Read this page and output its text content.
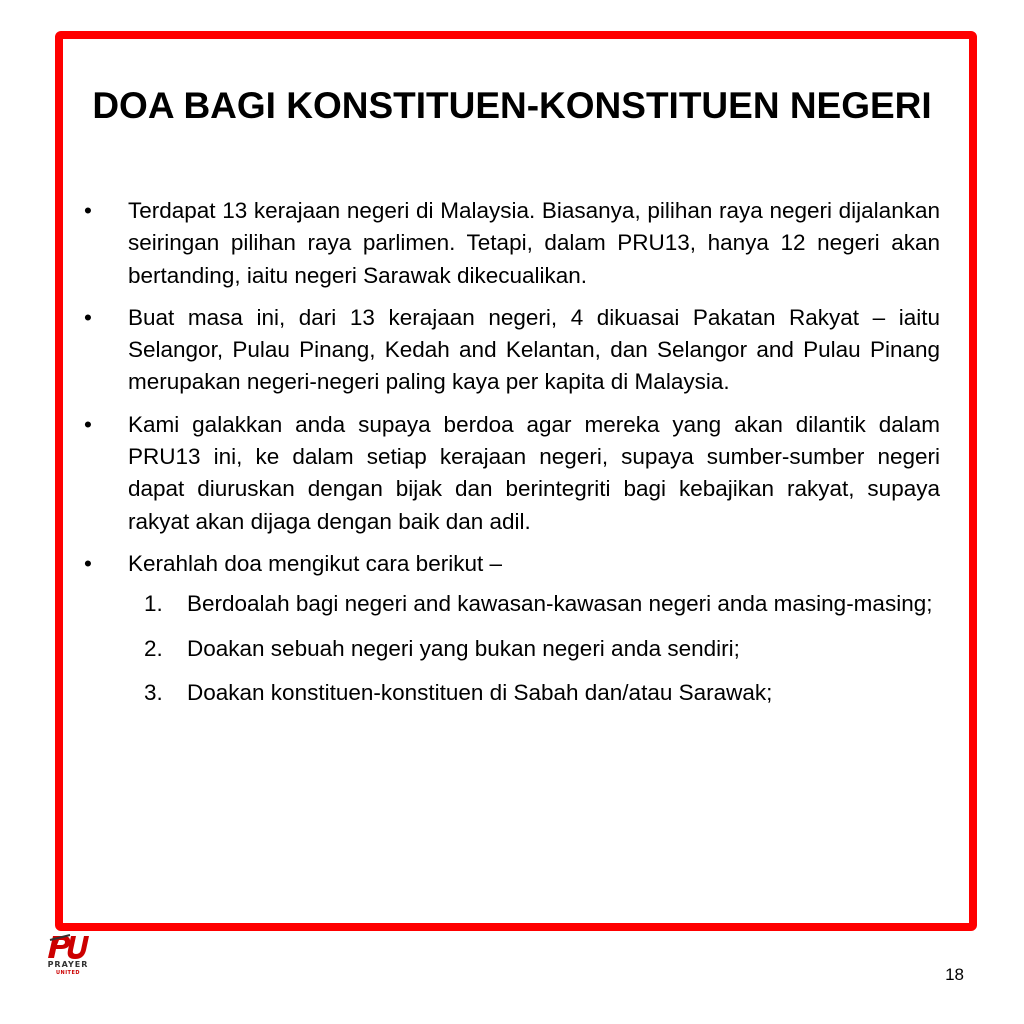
DOA BAGI KONSTITUEN-KONSTITUEN NEGERI
• Terdapat 13 kerajaan negeri di Malaysia. Biasanya, pilihan raya negeri dijalankan seiringan pilihan raya parlimen. Tetapi, dalam PRU13, hanya 12 negeri akan bertanding, iaitu negeri Sarawak dikecualikan.
• Buat masa ini, dari 13 kerajaan negeri, 4 dikuasai Pakatan Rakyat – iaitu Selangor, Pulau Pinang, Kedah and Kelantan, dan Selangor and Pulau Pinang merupakan negeri-negeri paling kaya per kapita di Malaysia.
• Kami galakkan anda supaya berdoa agar mereka yang akan dilantik dalam PRU13 ini, ke dalam setiap kerajaan negeri, supaya sumber-sumber negeri dapat diuruskan dengan bijak dan berintegriti bagi kebajikan rakyat, supaya rakyat akan dijaga dengan baik dan adil.
• Kerahlah doa mengikut cara berikut –
1. Berdoalah bagi negeri and kawasan-kawasan negeri anda masing-masing;
2. Doakan sebuah negeri yang bukan negeri anda sendiri;
3. Doakan konstituen-konstituen di Sabah dan/atau Sarawak;
PRAYER
UNITED	18
